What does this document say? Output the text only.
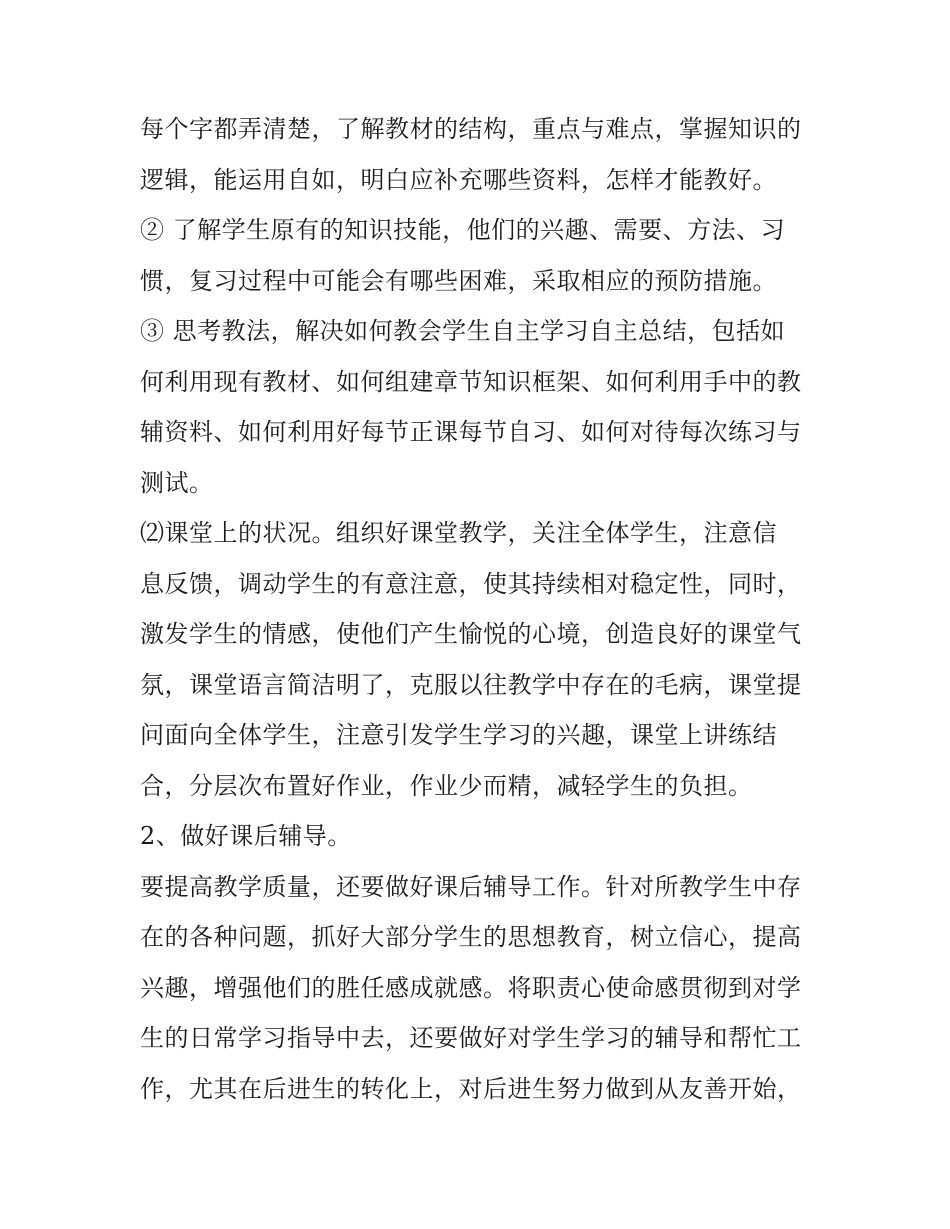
每个字都弄清楚，了解教材的结构，重点与难点，掌握知识的
逻辑，能运用自如，明白应补充哪些资料，怎样才能教好。
② 了解学生原有的知识技能，他们的兴趣、需要、方法、习
惯，复习过程中可能会有哪些困难，采取相应的预防措施。
③ 思考教法，解决如何教会学生自主学习自主总结，包括如
何利用现有教材、如何组建章节知识框架、如何利用手中的教
辅资料、如何利用好每节正课每节自习、如何对待每次练习与
测试。
⑵课堂上的状况。组织好课堂教学，关注全体学生，注意信
息反馈，调动学生的有意注意，使其持续相对稳定性，同时，
激发学生的情感，使他们产生愉悦的心境，创造良好的课堂气
氛，课堂语言简洁明了，克服以往教学中存在的毛病，课堂提
问面向全体学生，注意引发学生学习的兴趣，课堂上讲练结
合，分层次布置好作业，作业少而精，减轻学生的负担。
2、做好课后辅导。
要提高教学质量，还要做好课后辅导工作。针对所教学生中存
在的各种问题，抓好大部分学生的思想教育，树立信心，提高
兴趣，增强他们的胜任感成就感。将职责心使命感贯彻到对学
生的日常学习指导中去，还要做好对学生学习的辅导和帮忙工
作，尤其在后进生的转化上，对后进生努力做到从友善开始，
